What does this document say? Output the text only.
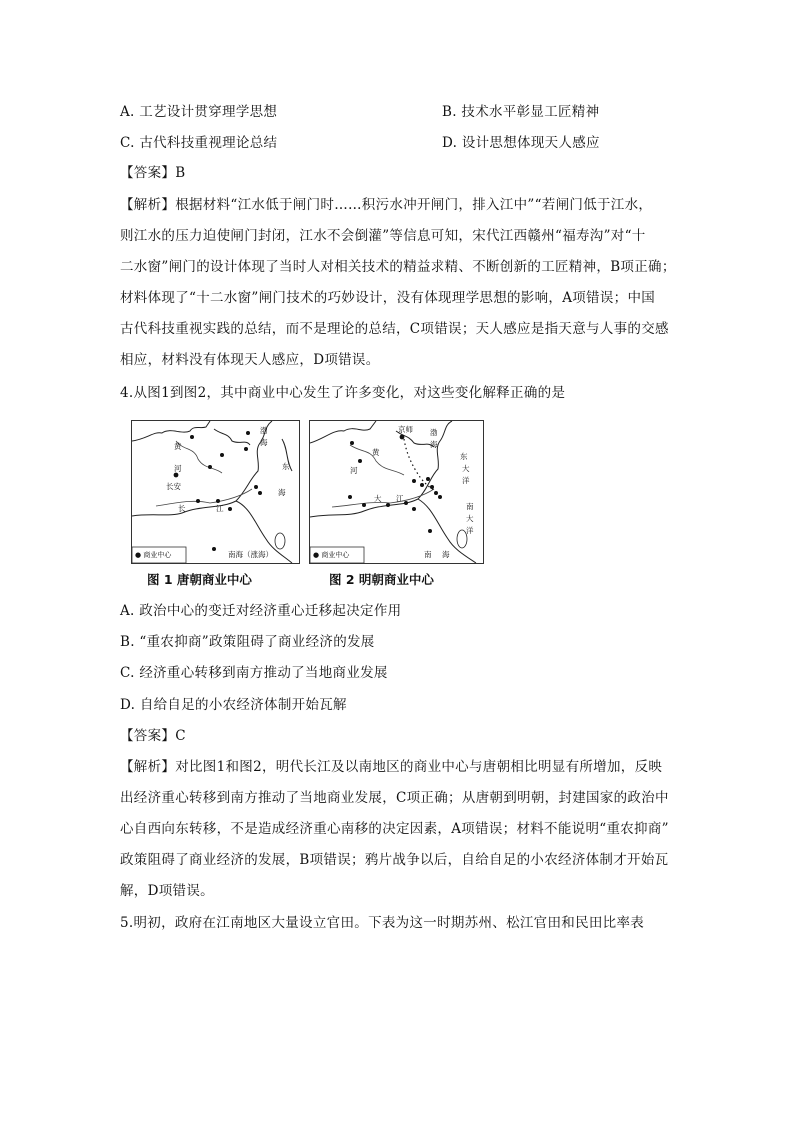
A. 工艺设计贯穿理学思想	B. 技术水平彰显工匠精神
C. 古代科技重视理论总结	D. 设计思想体现天人感应
【答案】B
【解析】根据材料“江水低于闸门时……积污水冲开闸门，排入江中”“若闸门低于江水，
则江水的压力迫使闸门封闭，江水不会倒灌”等信息可知，宋代江西赣州“福寿沟”对“十
二水窗”闸门的设计体现了当时人对相关技术的精益求精、不断创新的工匠精神，B项正确；
材料体现了“十二水窗”闸门技术的巧妙设计，没有体现理学思想的影响，A项错误；中国
古代科技重视实践的总结，而不是理论的总结，C项错误；天人感应是指天意与人事的交感
相应，材料没有体现天人感应，D项错误。
4.从图1到图2，其中商业中心发生了许多变化，对这些变化解释正确的是
黄
河
长安
长	江
东
海
渤
海
南海（涨海）
● 商业中心
图 1 唐朝商业中心
京师 渤
海
黄
河
东
大
洋
大 江
南
大
洋
南 海
● 商业中心
图 2 明朝商业中心
A. 政治中心的变迁对经济重心迁移起决定作用
B. “重农抑商”政策阻碍了商业经济的发展
C. 经济重心转移到南方推动了当地商业发展
D. 自给自足的小农经济体制开始瓦解
【答案】C
【解析】对比图1和图2，明代长江及以南地区的商业中心与唐朝相比明显有所增加，反映
出经济重心转移到南方推动了当地商业发展，C项正确；从唐朝到明朝，封建国家的政治中
心自西向东转移，不是造成经济重心南移的决定因素，A项错误；材料不能说明“重农抑商”
政策阻碍了商业经济的发展，B项错误；鸦片战争以后，自给自足的小农经济体制才开始瓦
解，D项错误。
5.明初，政府在江南地区大量设立官田。下表为这一时期苏州、松江官田和民田比率表
